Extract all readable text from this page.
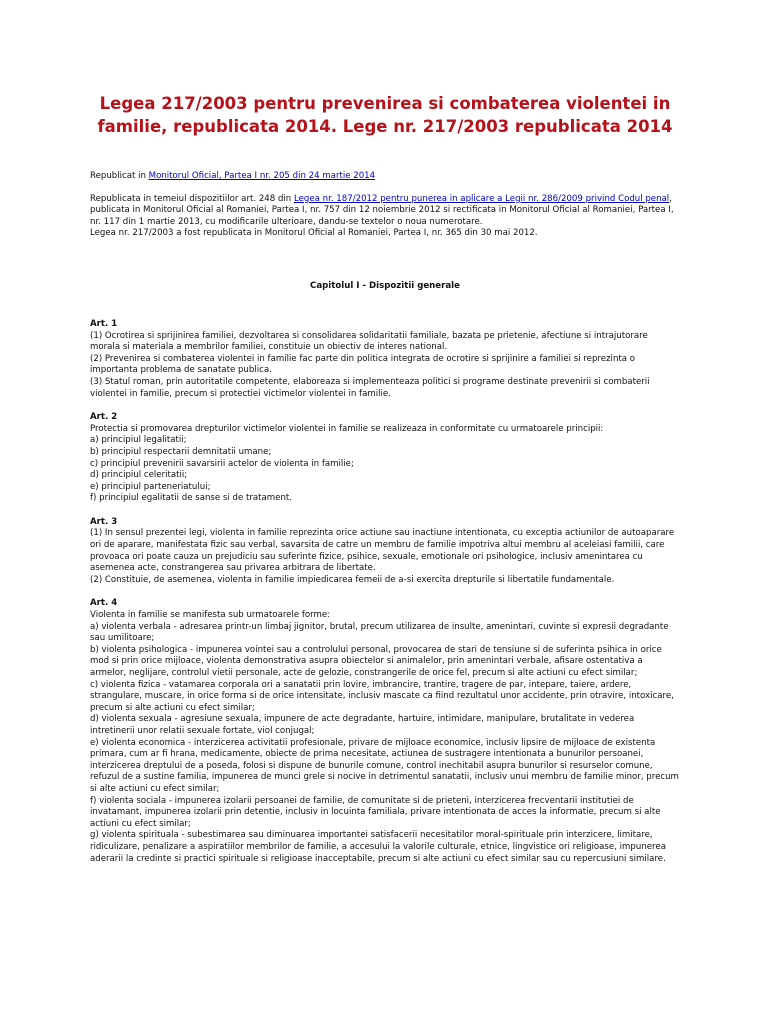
Legea 217/2003 pentru prevenirea si combaterea violentei in familie, republicata 2014. Lege nr. 217/2003 republicata 2014
Republicat in Monitorul Oficial, Partea I nr. 205 din 24 martie 2014
Republicata in temeiul dispozitiilor art. 248 din Legea nr. 187/2012 pentru punerea in aplicare a Legii nr. 286/2009 privind Codul penal, publicata in Monitorul Oficial al Romaniei, Partea I, nr. 757 din 12 noiembrie 2012 si rectificata in Monitorul Oficial al Romaniei, Partea I, nr. 117 din 1 martie 2013, cu modificarile ulterioare, dandu-se textelor o noua numerotare.
Legea nr. 217/2003 a fost republicata in Monitorul Oficial al Romaniei, Partea I, nr. 365 din 30 mai 2012.
Capitolul I - Dispozitii generale
Art. 1
(1) Ocrotirea si sprijinirea familiei, dezvoltarea si consolidarea solidaritatii familiale, bazata pe prietenie, afectiune si intrajutorare morala si materiala a membrilor familiei, constituie un obiectiv de interes national.
(2) Prevenirea si combaterea violentei in familie fac parte din politica integrata de ocrotire si sprijinire a familiei si reprezinta o importanta problema de sanatate publica.
(3) Statul roman, prin autoritatile competente, elaboreaza si implementeaza politici si programe destinate prevenirii si combaterii violentei in familie, precum si protectiei victimelor violentei in familie.
Art. 2
Protectia si promovarea drepturilor victimelor violentei in familie se realizeaza in conformitate cu urmatoarele principii:
a) principiul legalitatii;
b) principiul respectarii demnitatii umane;
c) principiul prevenirii savarsirii actelor de violenta in familie;
d) principiul celeritatii;
e) principiul parteneriatului;
f) principiul egalitatii de sanse si de tratament.
Art. 3
(1) In sensul prezentei legi, violenta in familie reprezinta orice actiune sau inactiune intentionata, cu exceptia actiunilor de autoaparare ori de aparare, manifestata fizic sau verbal, savarsita de catre un membru de familie impotriva altui membru al aceleiasi familii, care provoaca ori poate cauza un prejudiciu sau suferinte fizice, psihice, sexuale, emotionale ori psihologice, inclusiv amenintarea cu asemenea acte, constrangerea sau privarea arbitrara de libertate.
(2) Constituie, de asemenea, violenta in familie impiedicarea femeii de a-si exercita drepturile si libertatile fundamentale.
Art. 4
Violenta in familie se manifesta sub urmatoarele forme:
a) violenta verbala - adresarea printr-un limbaj jignitor, brutal, precum utilizarea de insulte, amenintari, cuvinte si expresii degradante sau umilitoare;
b) violenta psihologica - impunerea vointei sau a controlului personal, provocarea de stari de tensiune si de suferinta psihica in orice mod si prin orice mijloace, violenta demonstrativa asupra obiectelor si animalelor, prin amenintari verbale, afisare ostentativa a armelor, neglijare, controlul vietii personale, acte de gelozie, constrangerile de orice fel, precum si alte actiuni cu efect similar;
c) violenta fizica - vatamarea corporala ori a sanatatii prin lovire, imbrancire, trantire, tragere de par, intepare, taiere, ardere, strangulare, muscare, in orice forma si de orice intensitate, inclusiv mascate ca fiind rezultatul unor accidente, prin otravire, intoxicare, precum si alte actiuni cu efect similar;
d) violenta sexuala - agresiune sexuala, impunere de acte degradante, hartuire, intimidare, manipulare, brutalitate in vederea intretinerii unor relatii sexuale fortate, viol conjugal;
e) violenta economica - interzicerea activitatii profesionale, privare de mijloace economice, inclusiv lipsire de mijloace de existenta primara, cum ar fi hrana, medicamente, obiecte de prima necesitate, actiunea de sustragere intentionata a bunurilor persoanei, interzicerea dreptului de a poseda, folosi si dispune de bunurile comune, control inechitabil asupra bunurilor si resurselor comune, refuzul de a sustine familia, impunerea de munci grele si nocive in detrimentul sanatatii, inclusiv unui membru de familie minor, precum si alte actiuni cu efect similar;
f) violenta sociala - impunerea izolarii persoanei de familie, de comunitate si de prieteni, interzicerea frecventarii institutiei de invatamant, impunerea izolarii prin detentie, inclusiv in locuinta familiala, privare intentionata de acces la informatie, precum si alte actiuni cu efect similar;
g) violenta spirituala - subestimarea sau diminuarea importantei satisfacerii necesitatilor moral-spirituale prin interzicere, limitare, ridiculizare, penalizare a aspiratiilor membrilor de familie, a accesului la valorile culturale, etnice, lingvistice ori religioase, impunerea aderarii la credinte si practici spirituale si religioase inacceptabile, precum si alte actiuni cu efect similar sau cu repercusiuni similare.
